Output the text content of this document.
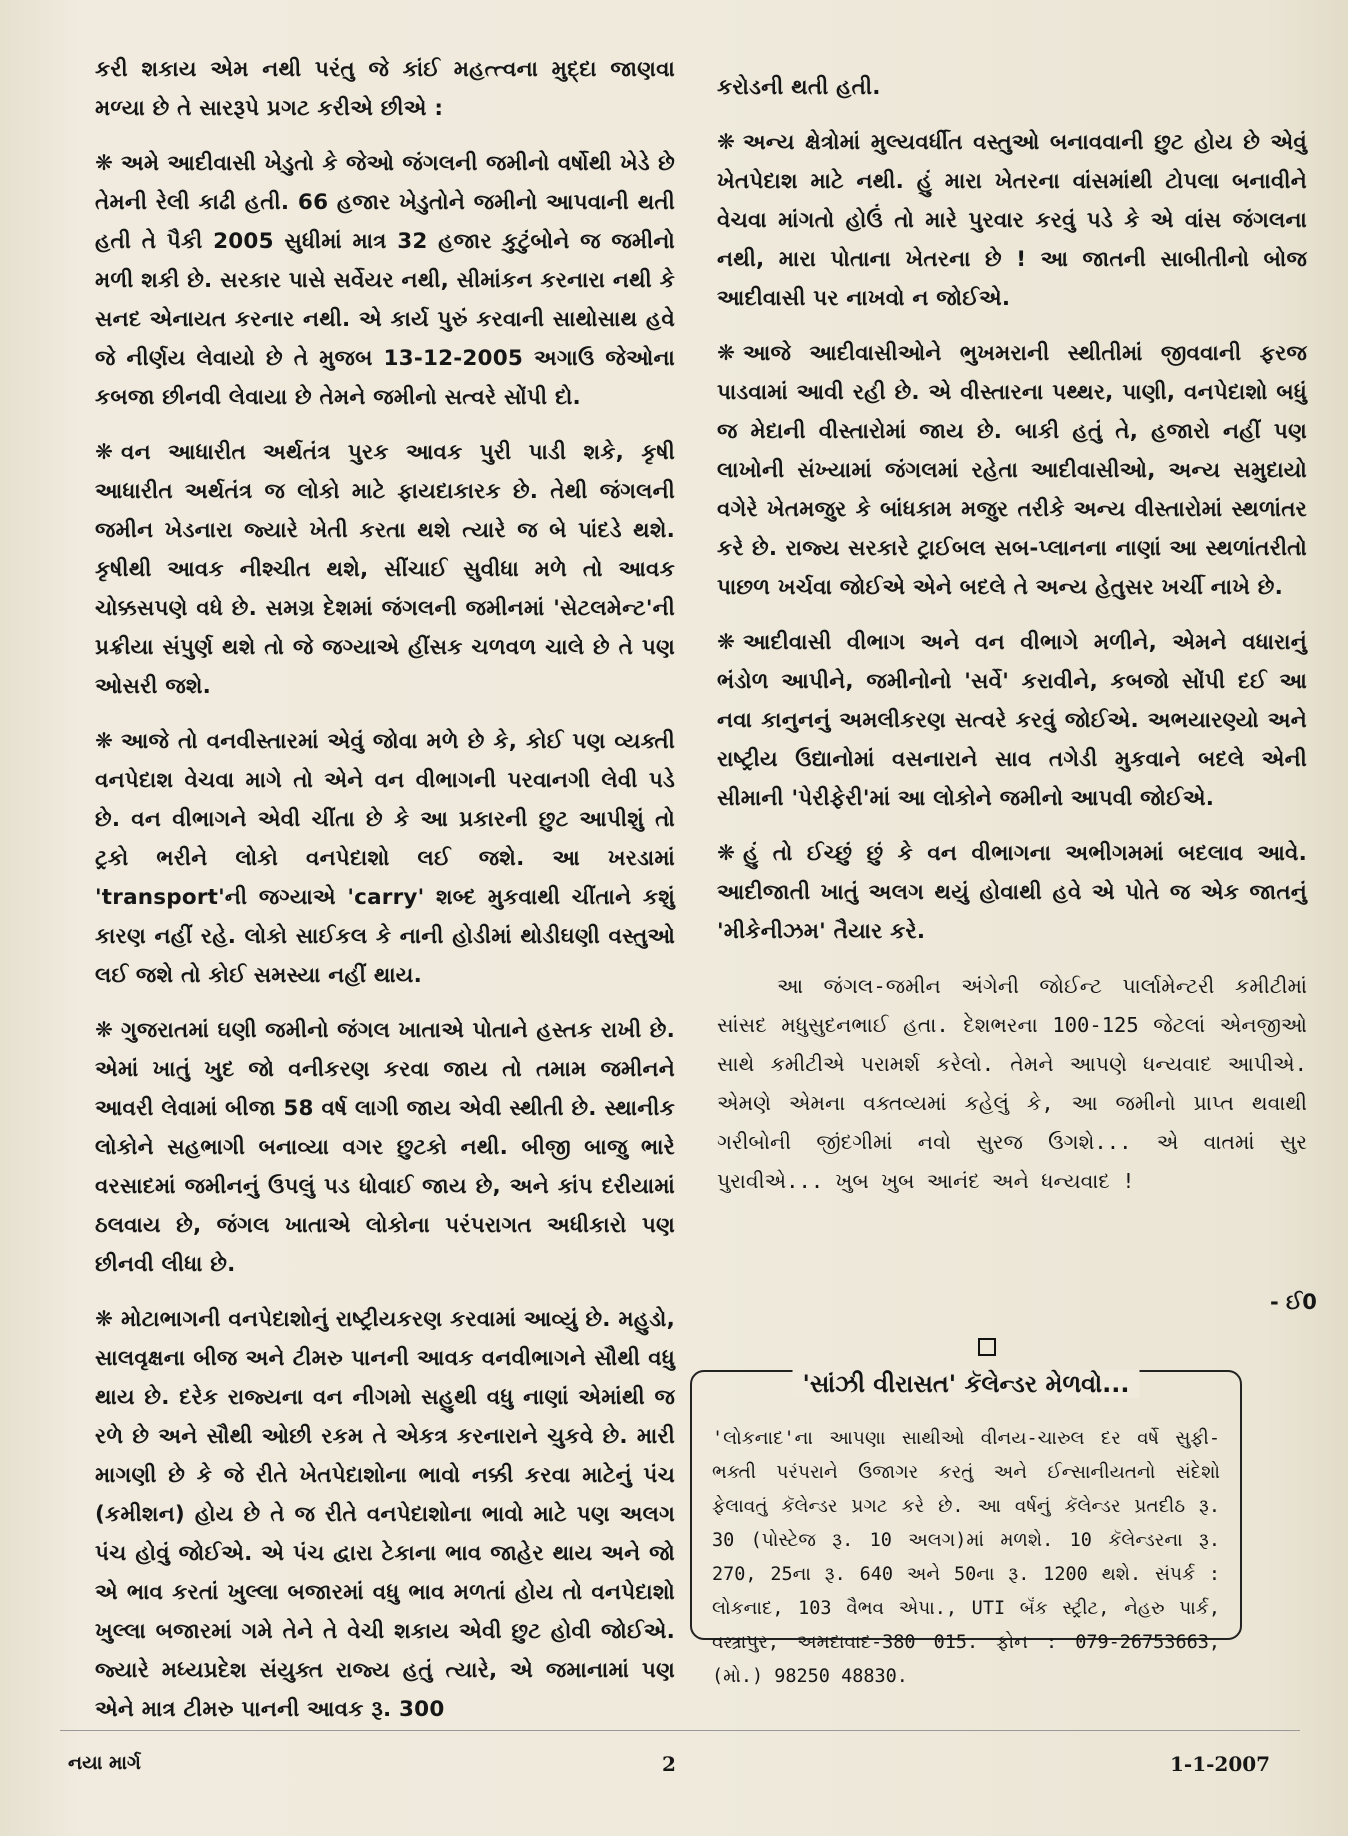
કરી શકાય એમ નથી પરંતુ જે કાંઈ મહત્ત્વના મુદ્દા જાણવા મળ્યા છે તે સારરૂપે પ્રગટ કરીએ છીએ :

❋ અમે આદીવાસી ખેડુતો કે જેઓ જંગલની જમીનો વર્ષોથી ખેડે છે તેમની રેલી કાઢી હતી. 66 હજાર ખેડુતોને જમીનો આપવાની થતી હતી તે પૈકી 2005 સુધીમાં માત્ર 32 હજાર કુટુંબોને જ જમીનો મળી શકી છે. સરકાર પાસે સર્વેયર નથી, સીમાંકન કરનારા નથી કે સનદ એનાયત કરનાર નથી. એ કાર્ય પુરું કરવાની સાથોસાથ હવે જે નીર્ણય લેવાયો છે તે મુજબ 13-12-2005 અગાઉ જેઓના કબજા છીનવી લેવાયા છે તેમને જમીનો સત્વરે સોંપી દો.

❋ વન આધારીત અર્થતંત્ર પુરક આવક પુરી પાડી શકે, કૃષી આધારીત અર્થતંત્ર જ લોકો માટે ફાયદાકારક છે. તેથી જંગલની જમીન ખેડનારા જ્યારે ખેતી કરતા થશે ત્યારે જ બે પાંદડે થશે. કૃષીથી આવક નીશ્ચીત થશે, સીંચાઈ સુવીધા મળે તો આવક ચોક્કસપણે વધે છે. સમગ્ર દેશમાં જંગલની જમીનમાં 'સેટલમેન્ટ'ની પ્રક્રીયા સંપુર્ણ થશે તો જે જગ્યાએ હીંસક ચળવળ ચાલે છે તે પણ ઓસરી જશે.

❋ આજે તો વનવીસ્તારમાં એવું જોવા મળે છે કે, કોઈ પણ વ્યક્તી વનપેદાશ વેચવા માગે તો એને વન વીભાગની પરવાનગી લેવી પડે છે. વન વીભાગને એવી ચીંતા છે કે આ પ્રકારની છુટ આપીશું તો ટ્રકો ભરીને લોકો વનપેદાશો લઈ જશે. આ ખરડામાં 'transport'ની જગ્યાએ 'carry' શબ્દ મુકવાથી ચીંતાને કશું કારણ નહીં રહે. લોકો સાઈકલ કે નાની હોડીમાં થોડીઘણી વસ્તુઓ લઈ જશે તો કોઈ સમસ્યા નહીં થાય.

❋ ગુજરાતમાં ઘણી જમીનો જંગલ ખાતાએ પોતાને હસ્તક રાખી છે. એમાં ખાતું ખુદ જો વનીકરણ કરવા જાય તો તમામ જમીનને આવરી લેવામાં બીજા 58 વર્ષ લાગી જાય એવી સ્થીતી છે. સ્થાનીક લોકોને સહભાગી બનાવ્યા વગર છુટકો નથી. બીજી બાજુ ભારે વરસાદમાં જમીનનું ઉપલું પડ ધોવાઈ જાય છે, અને કાંપ દરીયામાં ઠલવાય છે, જંગલ ખાતાએ લોકોના પરંપરાગત અધીકારો પણ છીનવી લીધા છે.

❋ મોટાભાગની વનપેદાશોનું રાષ્ટ્રીયકરણ કરવામાં આવ્યું છે. મહુડો, સાલવૃક્ષના બીજ અને ટીમરુ પાનની આવક વનવીભાગને સૌથી વધુ થાય છે. દરેક રાજ્યના વન નીગમો સહુથી વધુ નાણાં એમાંથી જ રળે છે અને સૌથી ઓછી રકમ તે એકત્ર કરનારાને ચુકવે છે. મારી માગણી છે કે જે રીતે ખેતપેદાશોના ભાવો નક્કી કરવા માટેનું પંચ (કમીશન) હોય છે તે જ રીતે વનપેદાશોના ભાવો માટે પણ અલગ પંચ હોવું જોઈએ. એ પંચ દ્વારા ટેકાના ભાવ જાહેર થાય અને જો એ ભાવ કરતાં ખુલ્લા બજારમાં વધુ ભાવ મળતાં હોય તો વનપેદાશો ખુલ્લા બજારમાં ગમે તેને તે વેચી શકાય એવી છુટ હોવી જોઈએ. જ્યારે મધ્યપ્રદેશ સંયુક્ત રાજ્ય હતું ત્યારે, એ જમાનામાં પણ એને માત્ર ટીમરુ પાનની આવક રૂ. 300

કરોડની થતી હતી.

❋ અન્ય ક્ષેત્રોમાં મુલ્યવર્ધીત વસ્તુઓ બનાવવાની છુટ હોય છે એવું ખેતપેદાશ માટે નથી. હું મારા ખેતરના વાંસમાંથી ટોપલા બનાવીને વેચવા માંગતો હોઉં તો મારે પુરવાર કરવું પડે કે એ વાંસ જંગલના નથી, મારા પોતાના ખેતરના છે ! આ જાતની સાબીતીનો બોજ આદીવાસી પર નાખવો ન જોઈએ.

❋ આજે આદીવાસીઓને ભુખમરાની સ્થીતીમાં જીવવાની ફરજ પાડવામાં આવી રહી છે. એ વીસ્તારના પથ્થર, પાણી, વનપેદાશો બધું જ મેદાની વીસ્તારોમાં જાય છે. બાકી હતું તે, હજારો નહીં પણ લાખોની સંખ્યામાં જંગલમાં રહેતા આદીવાસીઓ, અન્ય સમુદાયો વગેરે ખેતમજુર કે બાંધકામ મજુર તરીકે અન્ય વીસ્તારોમાં સ્થળાંતર કરે છે. રાજ્ય સરકારે ટ્રાઈબલ સબ-પ્લાનના નાણાં આ સ્થળાંતરીતો પાછળ ખર્ચવા જોઈએ એને બદલે તે અન્ય હેતુસર ખર્ચી નાખે છે.

❋ આદીવાસી વીભાગ અને વન વીભાગે મળીને, એમને વધારાનું ભંડોળ આપીને, જમીનોનો 'સર્વે' કરાવીને, કબજો સોંપી દઈ આ નવા કાનુનનું અમલીકરણ સત્વરે કરવું જોઈએ. અભયારણ્યો અને રાષ્ટ્રીય ઉદ્યાનોમાં વસનારાને સાવ તગેડી મુકવાને બદલે એની સીમાની 'પેરીફેરી'માં આ લોકોને જમીનો આપવી જોઈએ.

❋ હું તો ઈચ્છું છું કે વન વીભાગના અભીગમમાં બદલાવ આવે. આદીજાતી ખાતું અલગ થયું હોવાથી હવે એ પોતે જ એક જાતનું 'મીકેનીઝમ' તૈયાર કરે.

આ જંગલ-જમીન અંગેની જોઈન્ટ પાર્લામેન્ટરી કમીટીમાં સાંસદ મધુસુદનભાઈ હતા. દેશભરના 100-125 જેટલાં એનજીઓ સાથે કમીટીએ પરામર્શ કરેલો. તેમને આપણે ધન્યવાદ આપીએ. એમણે એમના વક્તવ્યમાં કહેલું કે, આ જમીનો પ્રાપ્ત થવાથી ગરીબોની જીંદગીમાં નવો સુરજ ઉગશે... એ વાતમાં સુર પુરાવીએ... ખુબ ખુબ આનંદ અને ધન્યવાદ !

- ઈ0
'સાંઝી વીરાસત' કૅલેન્ડર મેળવો...
'લોકનાદ'ના આપણા સાથીઓ વીનય-ચારુલ દર વર્ષે સુફી-ભક્તી પરંપરાને ઉજાગર કરતું અને ઈન્સાનીયતનો સંદેશો ફેલાવતું કૅલેન્ડર પ્રગટ કરે છે. આ વર્ષનું કૅલેન્ડર પ્રતદીઠ રૂ. 30 (પોસ્ટેજ રૂ. 10 અલગ)માં મળશે. 10 કૅલેન્ડરના રૂ. 270, 25ના રૂ. 640 અને 50ના રૂ. 1200 થશે. સંપર્ક : લોકનાદ, 103 વૈભવ એપા., UTI બૅંક સ્ટ્રીટ, નેહરુ પાર્ક, વસ્ત્રાપુર, અમદાવાદ-380 015. ફોન : 079-26753663, (મો.) 98250 48830.
નયા માર્ગ	2	1-1-2007
